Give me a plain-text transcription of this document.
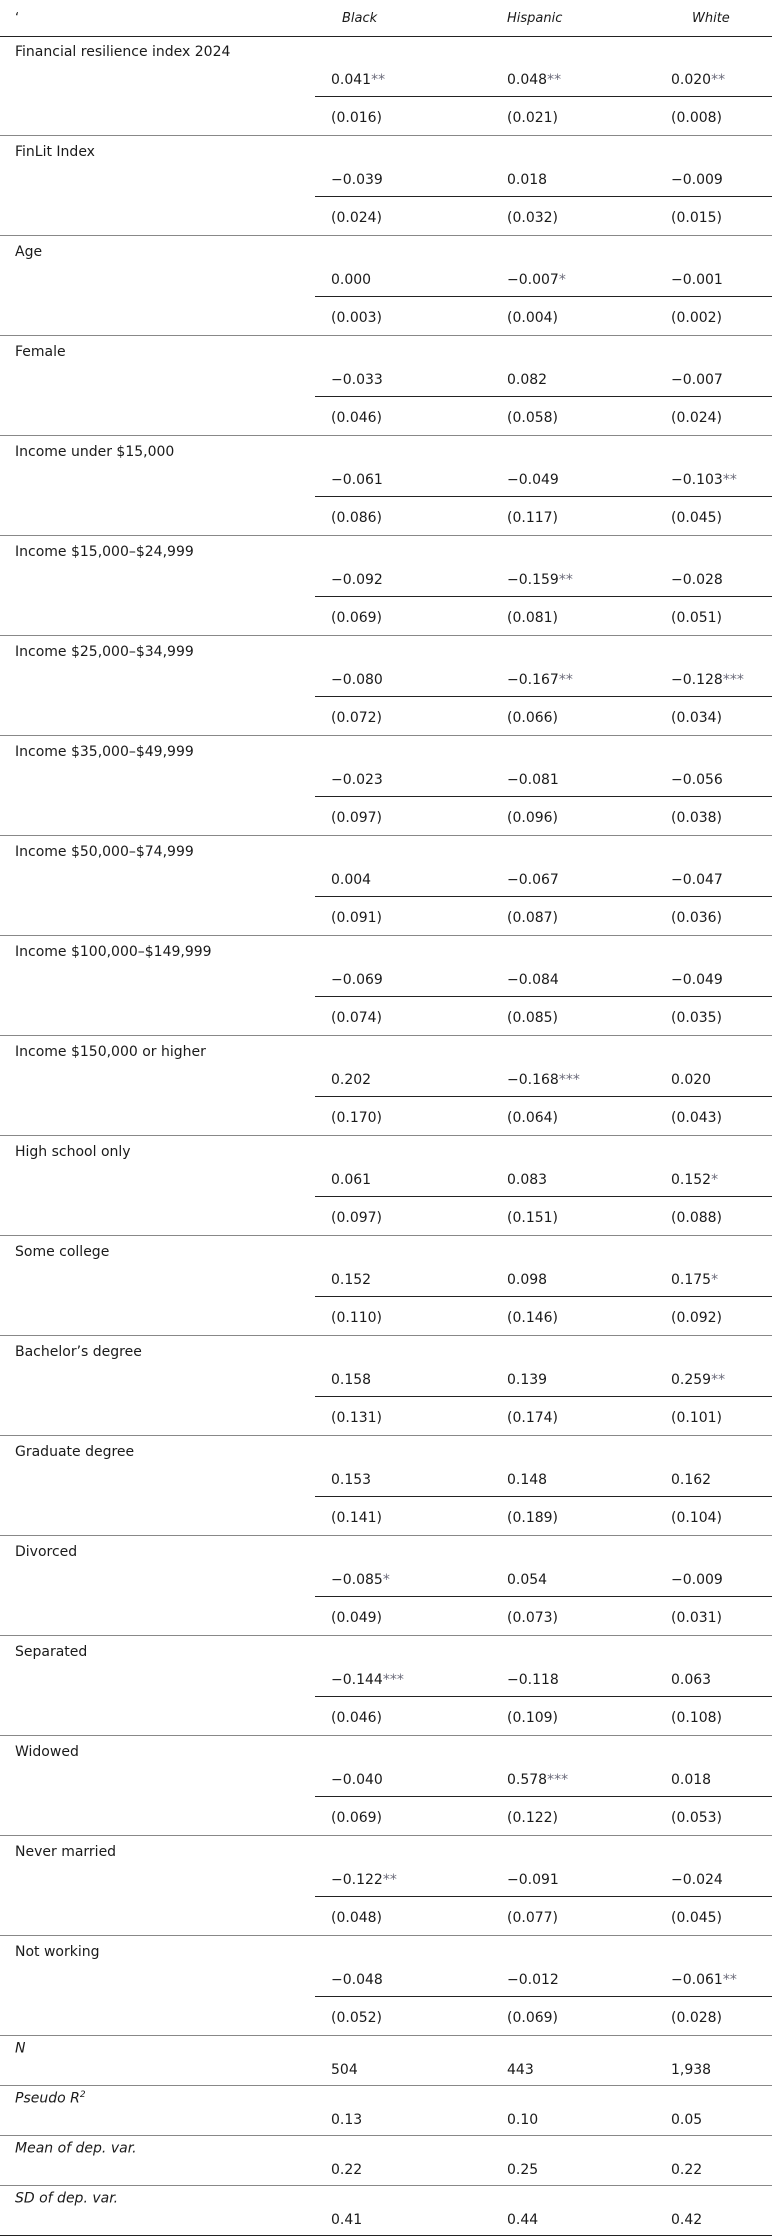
‘	Black	Hispanic	White
Financial resilience index 2024
0.041**	0.048**	0.020**
(0.016)	(0.021)	(0.008)
FinLit Index
−0.039	0.018	−0.009
(0.024)	(0.032)	(0.015)
Age
0.000	−0.007*	−0.001
(0.003)	(0.004)	(0.002)
Female
−0.033	0.082	−0.007
(0.046)	(0.058)	(0.024)
Income under $15,000
−0.061	−0.049	−0.103**
(0.086)	(0.117)	(0.045)
Income $15,000–$24,999
−0.092	−0.159**	−0.028
(0.069)	(0.081)	(0.051)
Income $25,000–$34,999
−0.080	−0.167**	−0.128***
(0.072)	(0.066)	(0.034)
Income $35,000–$49,999
−0.023	−0.081	−0.056
(0.097)	(0.096)	(0.038)
Income $50,000–$74,999
0.004	−0.067	−0.047
(0.091)	(0.087)	(0.036)
Income $100,000–$149,999
−0.069	−0.084	−0.049
(0.074)	(0.085)	(0.035)
Income $150,000 or higher
0.202	−0.168***	0.020
(0.170)	(0.064)	(0.043)
High school only
0.061	0.083	0.152*
(0.097)	(0.151)	(0.088)
Some college
0.152	0.098	0.175*
(0.110)	(0.146)	(0.092)
Bachelor’s degree
0.158	0.139	0.259**
(0.131)	(0.174)	(0.101)
Graduate degree
0.153	0.148	0.162
(0.141)	(0.189)	(0.104)
Divorced
−0.085*	0.054	−0.009
(0.049)	(0.073)	(0.031)
Separated
−0.144***	−0.118	0.063
(0.046)	(0.109)	(0.108)
Widowed
−0.040	0.578***	0.018
(0.069)	(0.122)	(0.053)
Never married
−0.122**	−0.091	−0.024
(0.048)	(0.077)	(0.045)
Not working
−0.048	−0.012	−0.061**
(0.052)	(0.069)	(0.028)
N
504	443	1,938
Pseudo $R^2$
0.13	0.10	0.05
Mean of dep. var.
0.22	0.25	0.22
SD of dep. var.
0.41	0.44	0.42
